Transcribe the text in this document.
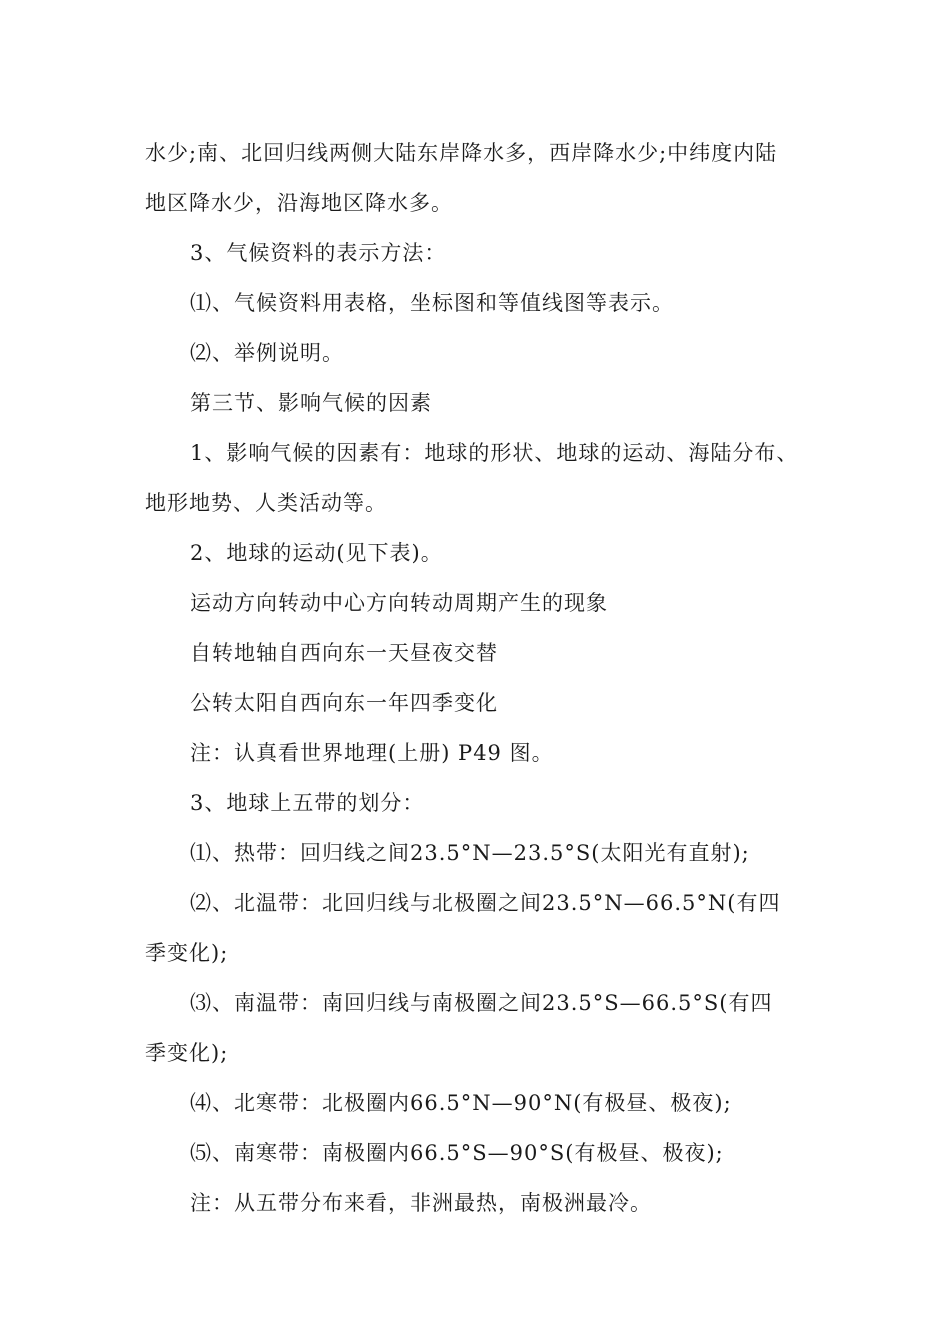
水少;南、北回归线两侧大陆东岸降水多，西岸降水少;中纬度内陆
地区降水少，沿海地区降水多。
3、气候资料的表示方法：
⑴、气候资料用表格，坐标图和等值线图等表示。
⑵、举例说明。
第三节、影响气候的因素
1、影响气候的因素有：地球的形状、地球的运动、海陆分布、
地形地势、人类活动等。
2、地球的运动(见下表)。
运动方向转动中心方向转动周期产生的现象
自转地轴自西向东一天昼夜交替
公转太阳自西向东一年四季变化
注：认真看世界地理(上册) P49 图。
3、地球上五带的划分：
⑴、热带：回归线之间23.5°N—23.5°S(太阳光有直射);
⑵、北温带：北回归线与北极圈之间23.5°N—66.5°N(有四
季变化);
⑶、南温带：南回归线与南极圈之间23.5°S—66.5°S(有四
季变化);
⑷、北寒带：北极圈内66.5°N—90°N(有极昼、极夜);
⑸、南寒带：南极圈内66.5°S—90°S(有极昼、极夜);
注：从五带分布来看，非洲最热，南极洲最冷。
